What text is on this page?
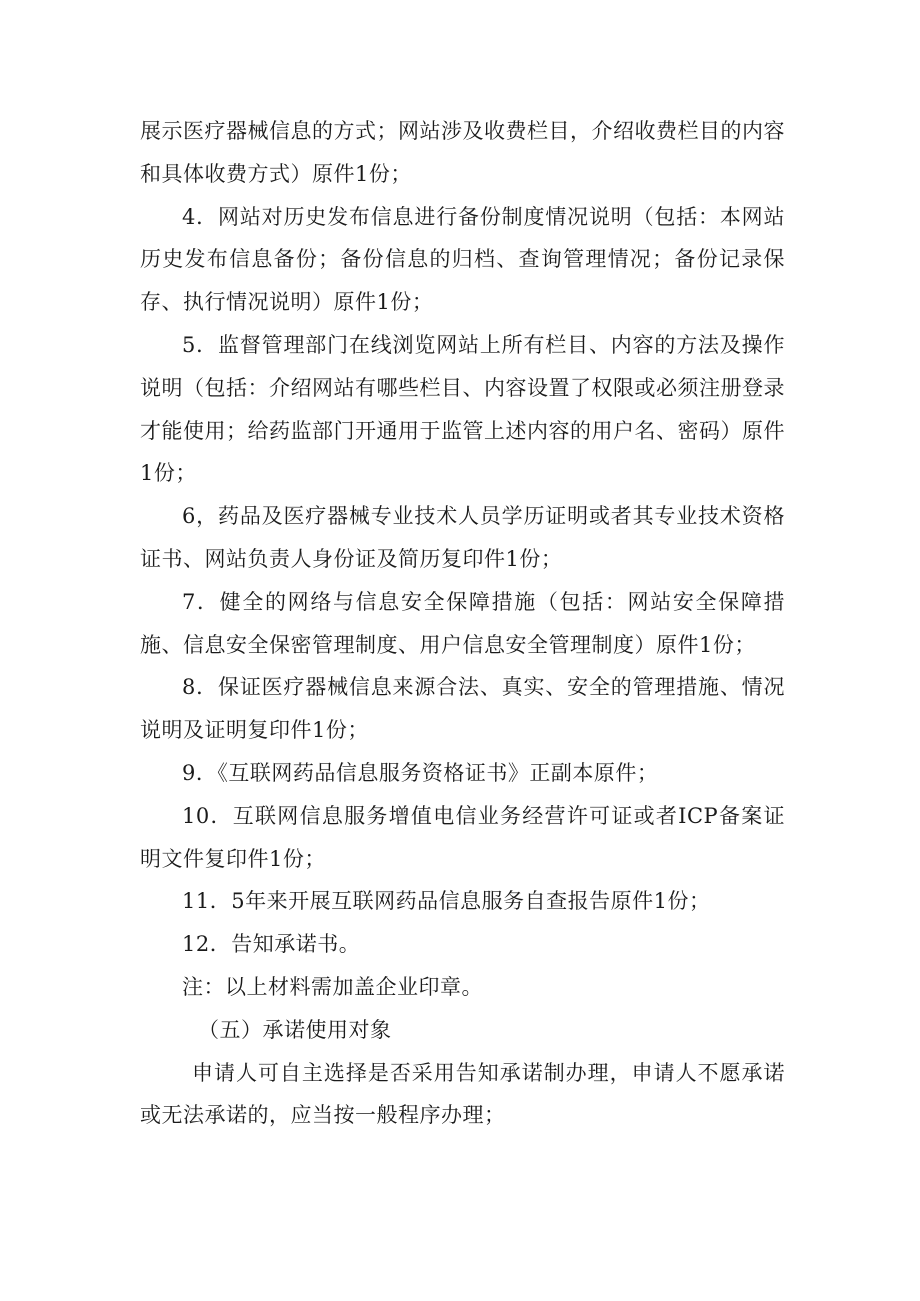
展示医疗器械信息的方式；网站涉及收费栏目，介绍收费栏目的内容和具体收费方式）原件1份；

4．网站对历史发布信息进行备份制度情况说明（包括：本网站历史发布信息备份；备份信息的归档、查询管理情况；备份记录保存、执行情况说明）原件1份；

5．监督管理部门在线浏览网站上所有栏目、内容的方法及操作说明（包括：介绍网站有哪些栏目、内容设置了权限或必须注册登录才能使用；给药监部门开通用于监管上述内容的用户名、密码）原件1份；

6，药品及医疗器械专业技术人员学历证明或者其专业技术资格证书、网站负责人身份证及简历复印件1份；

7．健全的网络与信息安全保障措施（包括：网站安全保障措施、信息安全保密管理制度、用户信息安全管理制度）原件1份；

8．保证医疗器械信息来源合法、真实、安全的管理措施、情况说明及证明复印件1份；

9．《互联网药品信息服务资格证书》正副本原件；

10．互联网信息服务增值电信业务经营许可证或者ICP备案证明文件复印件1份；

11．5年来开展互联网药品信息服务自查报告原件1份；

12．告知承诺书。

注：以上材料需加盖企业印章。

（五）承诺使用对象

申请人可自主选择是否采用告知承诺制办理，申请人不愿承诺或无法承诺的，应当按一般程序办理；
